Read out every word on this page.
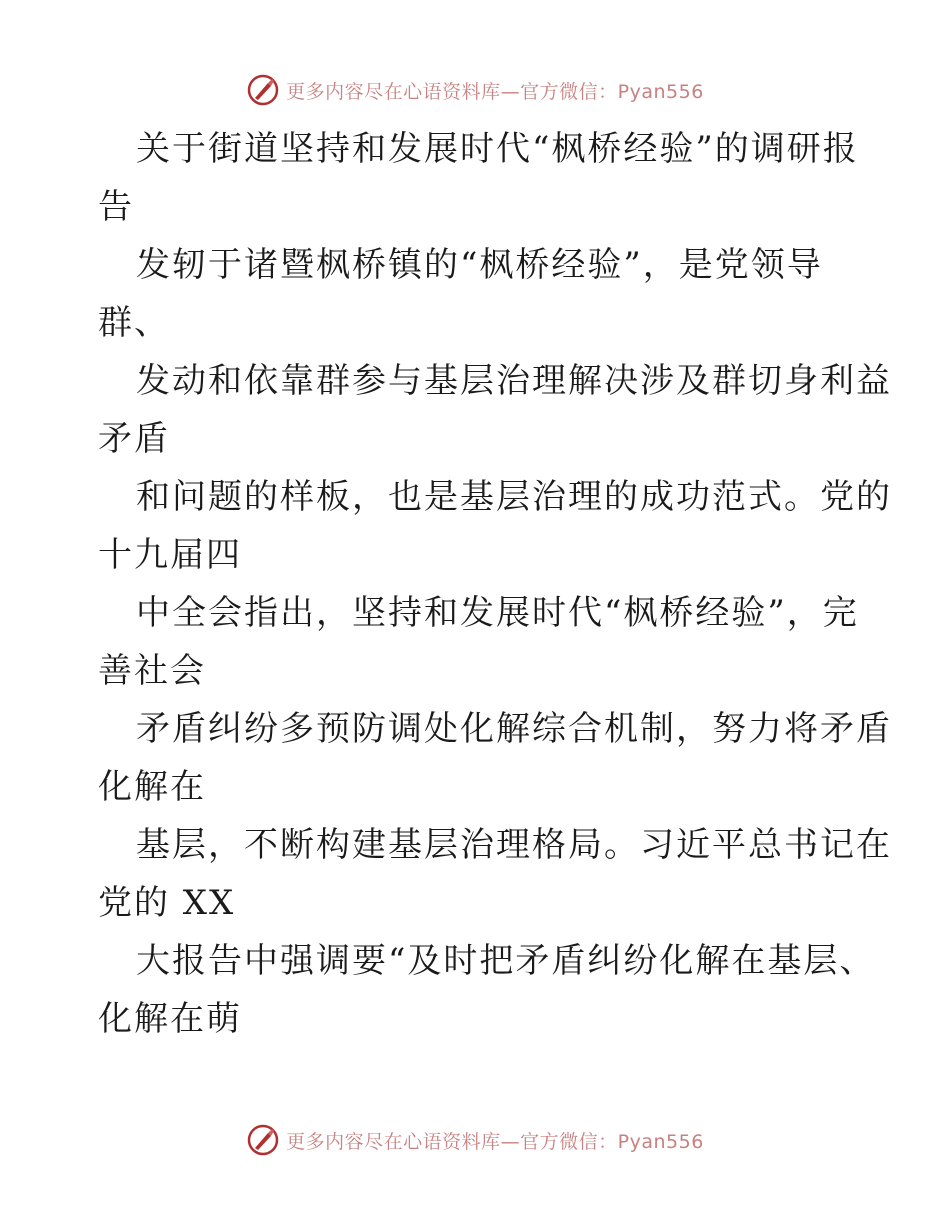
更多内容尽在心语资料库—官方微信：Pyan556
关于街道坚持和发展时代“枫桥经验”的调研报
告
发轫于诸暨枫桥镇的“枫桥经验”，是党领导
群、
发动和依靠群参与基层治理解决涉及群切身利益
矛盾
和问题的样板，也是基层治理的成功范式。党的
十九届四
中全会指出，坚持和发展时代“枫桥经验”，完
善社会
矛盾纠纷多预防调处化解综合机制，努力将矛盾
化解在
基层，不断构建基层治理格局。习近平总书记在
党的 XX
大报告中强调要“及时把矛盾纠纷化解在基层、
化解在萌
更多内容尽在心语资料库—官方微信：Pyan556
